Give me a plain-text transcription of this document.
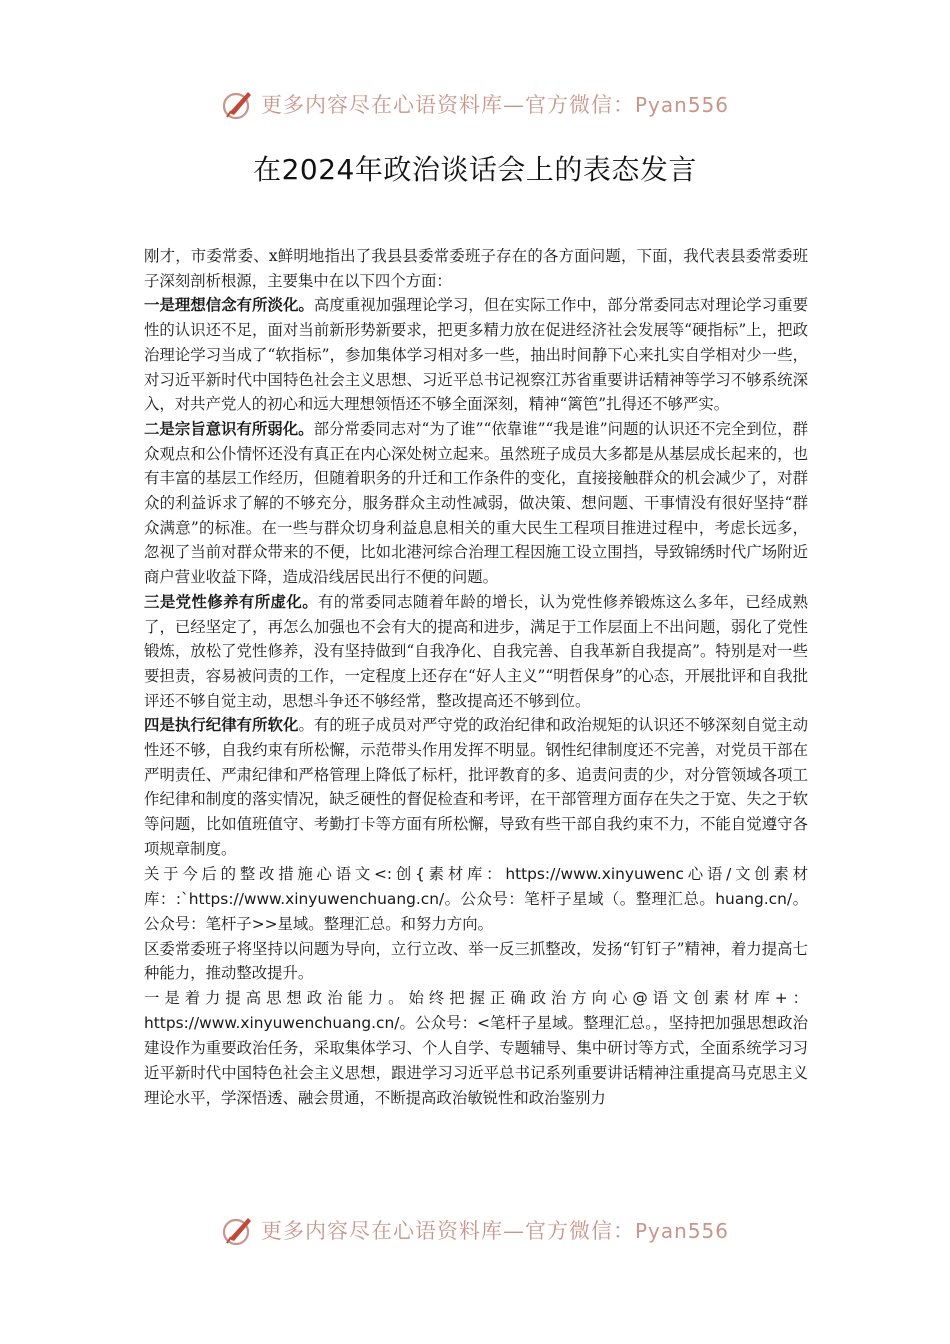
更多内容尽在心语资料库—官方微信：Pyan556
在2024年政治谈话会上的表态发言

刚才，市委常委、x鲜明地指出了我县县委常委班子存在的各方面问题，下面，我代表县委常委班子深刻剖析根源，主要集中在以下四个方面：

一是理想信念有所淡化。高度重视加强理论学习，但在实际工作中，部分常委同志对理论学习重要性的认识还不足，面对当前新形势新要求，把更多精力放在促进经济社会发展等“硬指标”上，把政治理论学习当成了“软指标”，参加集体学习相对多一些，抽出时间静下心来扎实自学相对少一些，对习近平新时代中国特色社会主义思想、习近平总书记视察江苏省重要讲话精神等学习不够系统深入，对共产党人的初心和远大理想领悟还不够全面深刻，精神“篱笆”扎得还不够严实。

二是宗旨意识有所弱化。部分常委同志对“为了谁”“依靠谁”“我是谁”问题的认识还不完全到位，群众观点和公仆情怀还没有真正在内心深处树立起来。虽然班子成员大多都是从基层成长起来的，也有丰富的基层工作经历，但随着职务的升迁和工作条件的变化，直接接触群众的机会减少了，对群众的利益诉求了解的不够充分，服务群众主动性减弱，做决策、想问题、干事情没有很好坚持“群众满意”的标准。在一些与群众切身利益息息相关的重大民生工程项目推进过程中，考虑长远多，忽视了当前对群众带来的不便，比如北港河综合治理工程因施工设立围挡，导致锦绣时代广场附近商户营业收益下降，造成沿线居民出行不便的问题。

三是党性修养有所虚化。有的常委同志随着年龄的增长，认为党性修养锻炼这么多年，已经成熟了，已经坚定了，再怎么加强也不会有大的提高和进步，满足于工作层面上不出问题，弱化了党性锻炼，放松了党性修养，没有坚持做到“自我净化、自我完善、自我革新自我提高”。特别是对一些要担责，容易被问责的工作，一定程度上还存在“好人主义”“明哲保身”的心态，开展批评和自我批评还不够自觉主动，思想斗争还不够经常，整改提高还不够到位。

四是执行纪律有所软化。有的班子成员对严守党的政治纪律和政治规矩的认识还不够深刻自觉主动性还不够，自我约束有所松懈，示范带头作用发挥不明显。钢性纪律制度还不完善，对党员干部在严明责任、严肃纪律和严格管理上降低了标杆，批评教育的多、追责问责的少，对分管领域各项工作纪律和制度的落实情况，缺乏硬性的督促检查和考评，在干部管理方面存在失之于宽、失之于软等问题，比如值班值守、考勤打卡等方面有所松懈，导致有些干部自我约束不力，不能自觉遵守各项规章制度。

关于今后的整改措施心语文<:创{素材库：https://www.xinyuwenc心语/文创素材库：:`https://www.xinyuwenchuang.cn/。公众号：笔杆子星域（。整理汇总。huang.cn/。公众号：笔杆子>>星域。整理汇总。和努力方向。

区委常委班子将坚持以问题为导向，立行立改、举一反三抓整改，发扬“钉钉子”精神，着力提高七种能力，推动整改提升。

一是着力提高思想政治能力。始终把握正确政治方向心@语文创素材库+：https://www.xinyuwenchuang.cn/。公众号：<笔杆子星域。整理汇总。，坚持把加强思想政治建设作为重要政治任务，采取集体学习、个人自学、专题辅导、集中研讨等方式，全面系统学习习近平新时代中国特色社会主义思想，跟进学习习近平总书记系列重要讲话精神注重提高马克思主义理论水平，学深悟透、融会贯通，不断提高政治敏锐性和政治鉴别力

更多内容尽在心语资料库—官方微信：Pyan556
